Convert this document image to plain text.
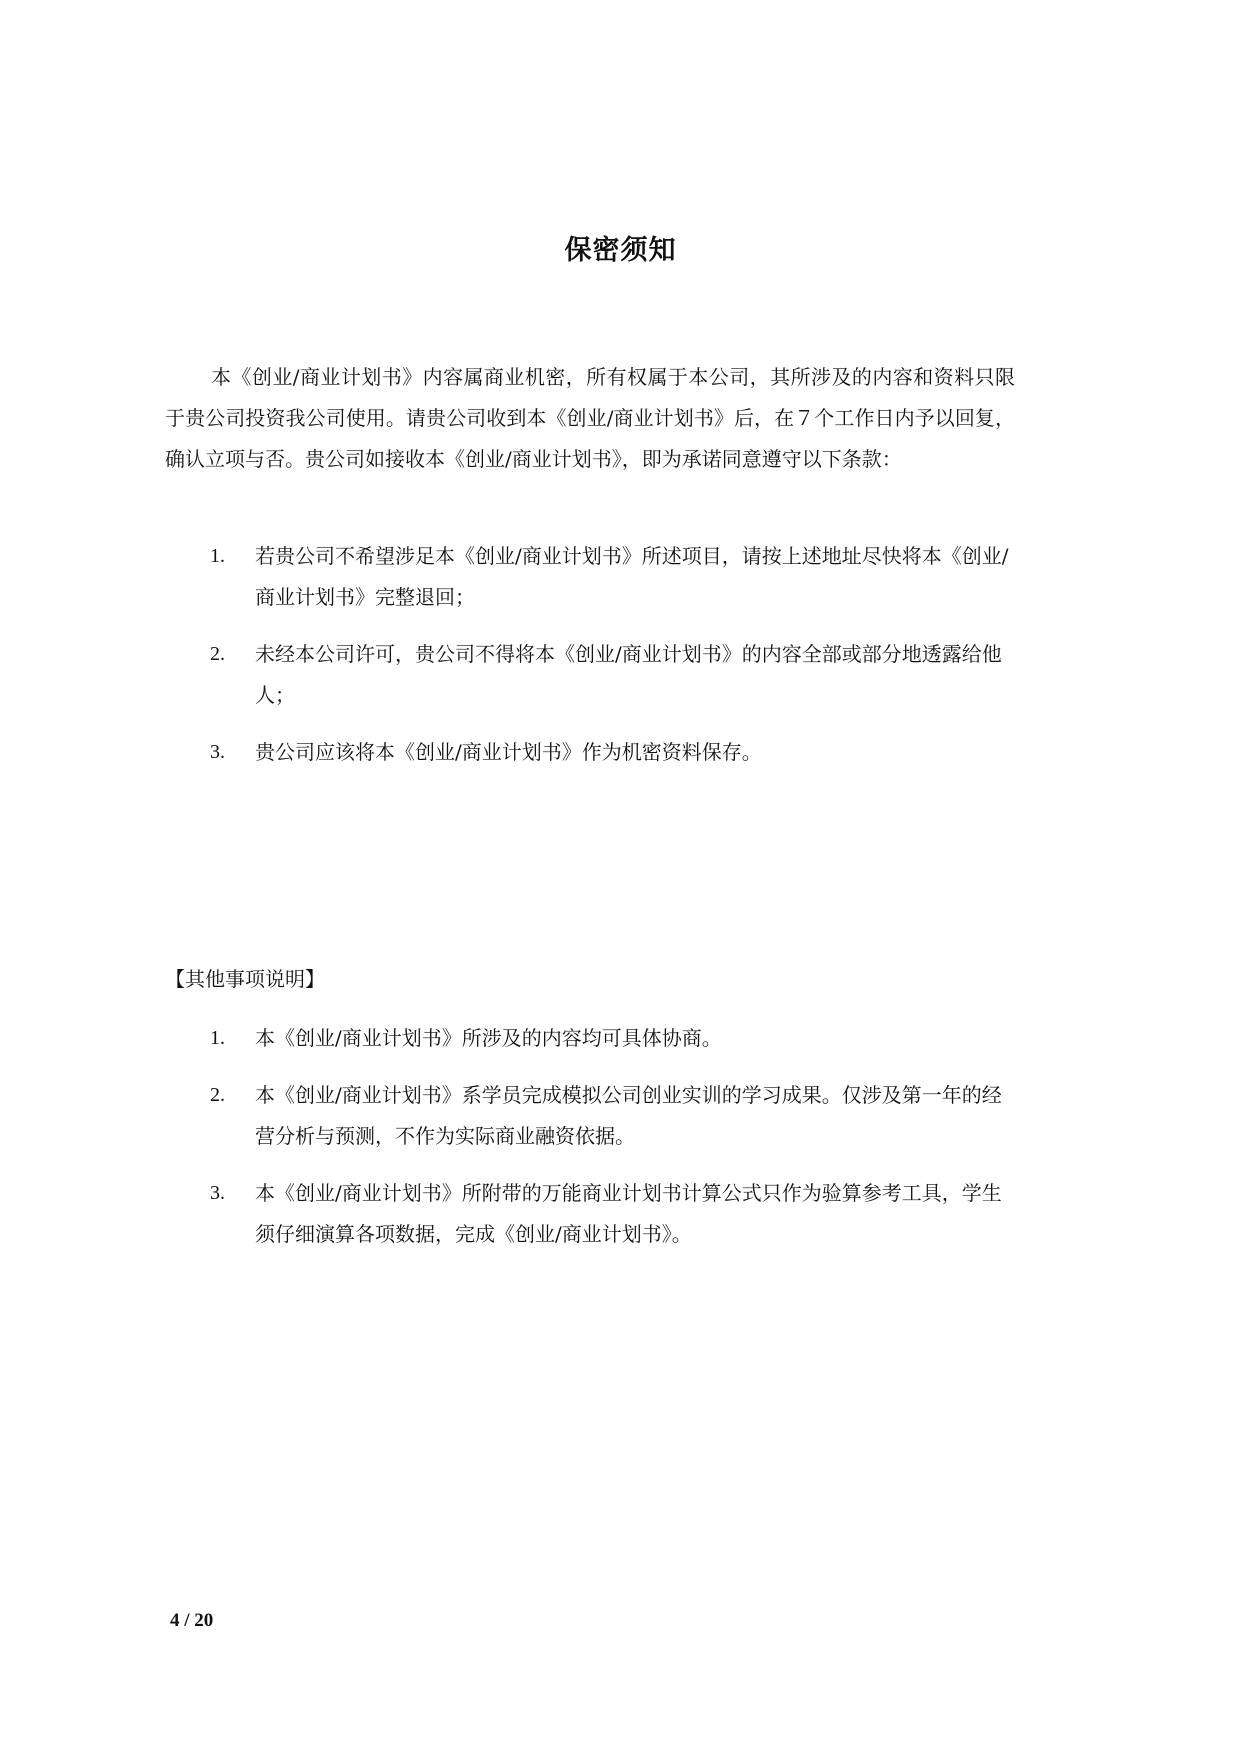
保密须知
本《创业/商业计划书》内容属商业机密，所有权属于本公司，其所涉及的内容和资料只限于贵公司投资我公司使用。请贵公司收到本《创业/商业计划书》后，在７个工作日内予以回复，确认立项与否。贵公司如接收本《创业/商业计划书》，即为承诺同意遵守以下条款：
1. 若贵公司不希望涉足本《创业/商业计划书》所述项目，请按上述地址尽快将本《创业/商业计划书》完整退回；
2. 未经本公司许可，贵公司不得将本《创业/商业计划书》的内容全部或部分地透露给他人；
3. 贵公司应该将本《创业/商业计划书》作为机密资料保存。
【其他事项说明】
1. 本《创业/商业计划书》所涉及的内容均可具体协商。
2. 本《创业/商业计划书》系学员完成模拟公司创业实训的学习成果。仅涉及第一年的经营分析与预测，不作为实际商业融资依据。
3. 本《创业/商业计划书》所附带的万能商业计划书计算公式只作为验算参考工具，学生须仔细演算各项数据，完成《创业/商业计划书》。
4 / 20
